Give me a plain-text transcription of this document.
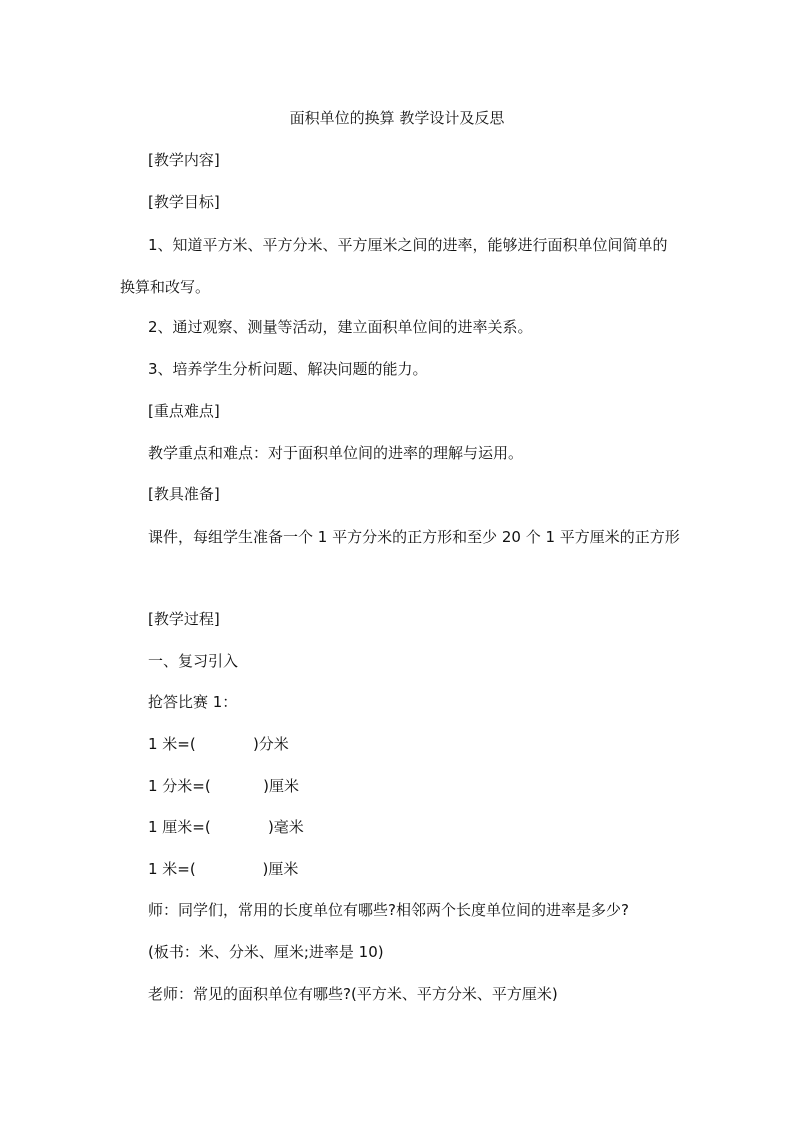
面积单位的换算 教学设计及反思
[教学内容]
[教学目标]
1、知道平方米、平方分米、平方厘米之间的进率，能够进行面积单位间简单的换算和改写。
2、通过观察、测量等活动，建立面积单位间的进率关系。
3、培养学生分析问题、解决问题的能力。
[重点难点]
教学重点和难点：对于面积单位间的进率的理解与运用。
[教具准备]
课件，每组学生准备一个 1 平方分米的正方形和至少 20 个 1 平方厘米的正方形
[教学过程]
一、复习引入
抢答比赛 1：
1 米=(            )分米
1 分米=(           )厘米
1 厘米=(            )毫米
1 米=(              )厘米
师：同学们，常用的长度单位有哪些?相邻两个长度单位间的进率是多少?
(板书：米、分米、厘米;进率是 10)
老师：常见的面积单位有哪些?(平方米、平方分米、平方厘米)
